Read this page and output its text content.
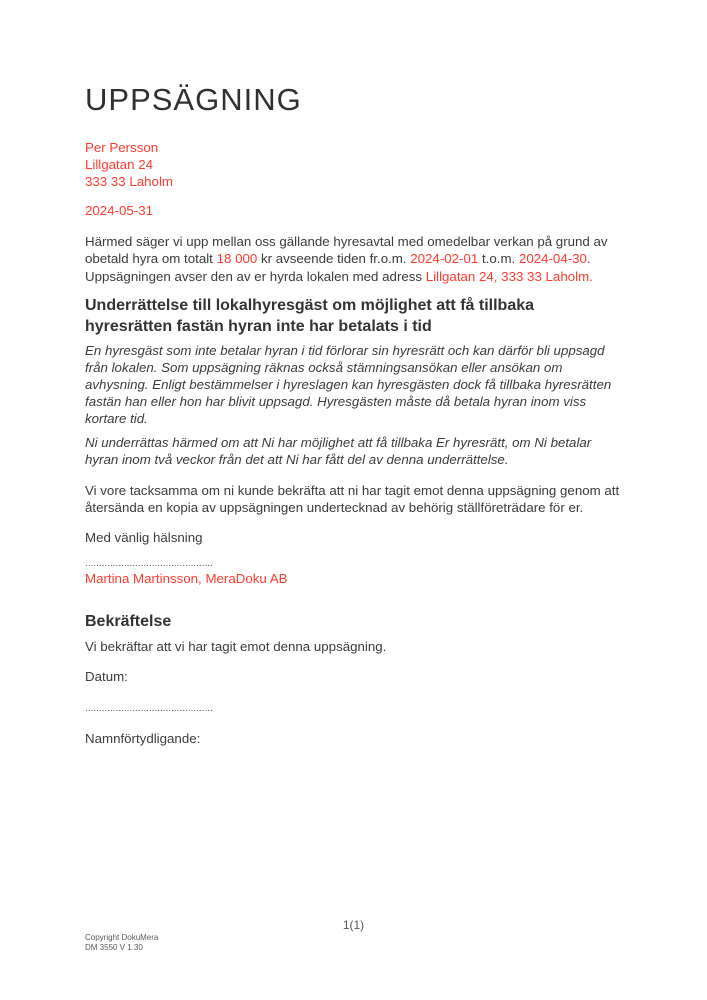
UPPSÄGNING
Per Persson
Lillgatan 24
333 33 Laholm
2024-05-31

Härmed säger vi upp mellan oss gällande hyresavtal med omedelbar verkan på grund av obetald hyra om totalt 18 000 kr avseende tiden fr.o.m. 2024-02-01 t.o.m. 2024-04-30. Uppsägningen avser den av er hyrda lokalen med adress Lillgatan 24, 333 33 Laholm.

Underrättelse till lokalhyresgäst om möjlighet att få tillbaka hyresrätten fastän hyran inte har betalats i tid

En hyresgäst som inte betalar hyran i tid förlorar sin hyresrätt och kan därför bli uppsagd från lokalen. Som uppsägning räknas också stämningsansökan eller ansökan om avhysning. Enligt bestämmelser i hyreslagen kan hyresgästen dock få tillbaka hyresrätten fastän han eller hon har blivit uppsagd. Hyresgästen måste då betala hyran inom viss kortare tid.

Ni underrättas härmed om att Ni har möjlighet att få tillbaka Er hyresrätt, om Ni betalar hyran inom två veckor från det att Ni har fått del av denna underrättelse.

Vi vore tacksamma om ni kunde bekräfta att ni har tagit emot denna uppsägning genom att återsända en kopia av uppsägningen undertecknad av behörig ställföreträdare för er.

Med vänlig hälsning
..............................................
Martina Martinsson, MeraDoku AB
Bekräftelse
Vi bekräftar att vi har tagit emot denna uppsägning.
Datum:
..............................................
Namnförtydligande:
1(1)
Copyright DokuMera
DM 3550 V 1.30
